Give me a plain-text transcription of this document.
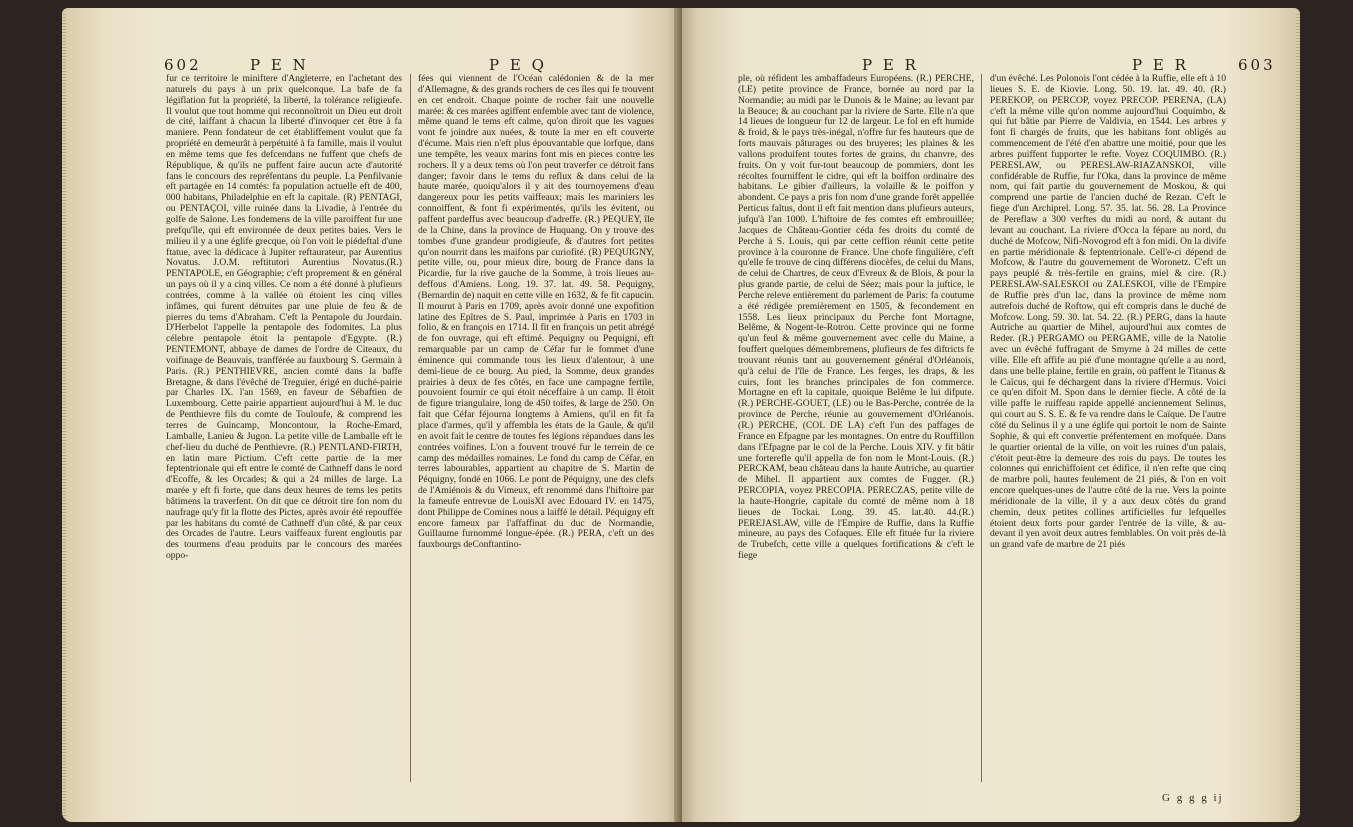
602	P E N	P E Q
fur ce territoire le miniftere d'Angleterre, en l'achetant des naturels du pays à un prix quelconque. La bafe de fa légiflation fut la propriété, la liberté, la tolérance religieufe. Il voulut que tout homme qui reconnoîtroit un Dieu eut droit de cité, laiffant à chacun la liberté d'invoquer cet être à fa maniere. Penn fondateur de cet établiffement voulut que fa propriété en demeurât à perpétuité à fa famille, mais il voulut en même tems que fes defcendans ne fuffent que chefs de République, & qu'ils ne puffent faire aucun acte d'autorité fans le concours des repréfentans du peuple. La Penfilvanie eft partagée en 14 comtés: fa population actuelle eft de 400, 000 habitans, Philadelphie en eft la capitale. (R) PENTAGI, ou PENTAÇOI, ville ruinée dans la Livadie, à l'entrée du golfe de Salone. Les fondemens de la ville paroiffent fur une prefqu'île, qui eft environnée de deux petites baies. Vers le milieu il y a une églife grecque, où l'on voit le piédeftal d'une ftatue, avec la dédicace à Jupiter reftaurateur, par Aurentius Novatus. J.O.M. reftitutori Aurentius Novatus.(R.) PENTAPOLE, en Géographie; c'eft proprement & en général un pays où il y a cinq villes. Ce nom a été donné à plufieurs contrées, comme à la vallée où étoient les cinq villes infâmes, qui furent détruites par une pluie de feu & de pierres du tems d'Abraham. C'eft la Pentapole du Jourdain. D'Herbelot l'appelle la pentapole des fodomites. La plus célebre pentapole étoit la pentapole d'Egypte. (R.) PENTEMONT, abbaye de dames de l'ordre de Citeaux, du voifinage de Beauvais, tranfférée au fauxbourg S. Germain à Paris. (R.) PENTHIEVRE, ancien comté dans la baffe Bretagne, & dans l'évêché de Treguier, érigé en duché-pairie par Charles IX. l'an 1569, en faveur de Sébaftien de Luxembourg. Cette pairie appartient aujourd'hui à M. le duc de Penthievre fils du comte de Touloufe, & comprend les terres de Guincamp, Moncontour, la Roche-Emard, Lamballe, Lanieu & Jugon. La petite ville de Lamballe eft le chef-lieu du duché de Penthievre. (R.) PENTLAND-FIRTH, en latin mare Pictium. C'eft cette partie de la mer feptentrionale qui eft entre le comté de Cathneff dans le nord d'Ecoffe, & les Orcades; & qui a 24 milles de large. La marée y eft fi forte, que dans deux heures de tems les petits bâtimens la traverfent. On dit que ce détroit tire fon nom du naufrage qu'y fit la flotte des Pictes, après avoir été repouffée par les habitans du comté de Cathneff d'un côté, & par ceux des Orcades de l'autre. Leurs vaiffeaux furent engloutis par des tourmens d'eau produits par le concours des marées oppo-
fées qui viennent de l'Océan calédonien & de la mer d'Allemagne, & des grands rochers de ces îles qui fe trouvent en cet endroit. Chaque pointe de rocher fait une nouvelle marée: & ces marées agiffent enfemble avec tant de violence, même quand le tems eft calme, qu'on diroit que les vagues vont fe joindre aux nuées, & toute la mer en eft couverte d'écume. Mais rien n'eft plus épouvantable que lorfque, dans une tempête, les veaux marins font mis en pieces contre les rochers. Il y a deux tems où l'on peut traverfer ce détroit fans danger; favoir dans le tems du reflux & dans celui de la haute marée, quoiqu'alors il y ait des tournoyemens d'eau dangereux pour les petits vaiffeaux; mais les mariniers les connoiffent, & font fi expérimentés, qu'ils les évitent, ou paffent pardeffus avec beaucoup d'adreffe. (R.) PEQUEY, île de la Chine, dans la province de Huquang. On y trouve des tombes d'une grandeur prodigieufe, & d'autres fort petites qu'on nourrit dans les maifons par curiofité. (R) PEQUIGNY, petite ville, ou, pour mieux dire, bourg de France dans la Picardie, fur la rive gauche de la Somme, à trois lieues au-deffous d'Amiens. Long. 19. 37. lat. 49. 58. Pequigny, (Bernardin de) naquit en cette ville en 1632, & fe fit capucin. Il mourut à Paris en 1709, après avoir donné une expofition latine des Epîtres de S. Paul, imprimée à Paris en 1703 in folio, & en françois en 1714. Il fit en françois un petit abrégé de fon ouvrage, qui eft eftimé. Pequigny ou Pequigni, eft remarquable par un camp de Céfar fur le fommet d'une éminence qui commande tous les lieux d'alentour, à une demi-lieue de ce bourg. Au pied, la Somme, deux grandes prairies à deux de fes côtés, en face une campagne fertile, pouvoient fournir ce qui étoit néceffaire à un camp. Il étoit de figure triangulaire, long de 450 toifes, & large de 250. On fait que Céfar féjourna longtems à Amiens, qu'il en fit fa place d'armes, qu'il y affembla les états de la Gaule, & qu'il en avoit fait le centre de toutes fes légions répandues dans les contrées voifines. L'on a fouvent trouvé fur le terrein de ce camp des médailles romaines. Le fond du camp de Céfar, en terres labourables, appartient au chapitre de S. Martin de Péquigny, fondé en 1066. Le pont de Péquigny, une des clefs de l'Amiénois & du Vimeux, eft renommé dans l'hiftoire par la fameufe entrevue de LouisXI avec Edouard IV. en 1475, dont Philippe de Comines nous a laiffé le détail. Péquigny eft encore fameux par l'affaffinat du duc de Normandie, Guillaume furnommé longue-épée. (R.) PERA, c'eft un des fauxbourgs deConftantino-
P E R	P E R	603
ple, où réfident les ambaffadeurs Européens. (R.) PERCHE, (LE) petite province de France, bornée au nord par la Normandie; au midi par le Dunois & le Maine; au levant par la Beauce; & au couchant par la riviere de Sarte. Elle n'a que 14 lieues de longueur fur 12 de largeur. Le fol en eft humide & froid, & le pays très-inégal, n'offre fur fes hauteurs que de forts mauvais pâturages ou des bruyeres; les plaines & les vallons produifent toutes fortes de grains, du chanvre, des fruits. On y voit fur-tout beaucoup de pommiers, dont les récoltes fourniffent le cidre, qui eft la boiffon ordinaire des habitans. Le gibier d'ailleurs, la volaille & le poiffon y abondent. Ce pays a pris fon nom d'une grande forêt appellée Perticus faltus, dont il eft fait mention dans plufieurs auteurs, jufqu'à l'an 1000. L'hiftoire de fes comtes eft embrouillée; Jacques de Château-Gontier céda fes droits du comté de Perche à S. Louis, qui par cette ceffion réunit cette petite province à la couronne de France. Une chofe fingulière, c'eft qu'elle fe trouve de cinq différens diocèfes, de celui du Mans, de celui de Chartres, de ceux d'Evreux & de Blois, & pour la plus grande partie, de celui de Séez; mais pour la juftice, le Perche releve entièrement du parlement de Paris: fa coutume a été rédigée premièrement en 1505, & fecondement en 1558. Les lieux principaux du Perche font Mortagne, Belême, & Nogent-le-Rotrou. Cette province qui ne forme qu'un feul & même gouvernement avec celle du Maine, a fouffert quelques démembremens, plufieurs de fes diftricts fe trouvant réunis tant au gouvernement général d'Orléanois, qu'à celui de l'île de France. Les ferges, les draps, & les cuirs, font les branches principales de fon commerce. Mortagne en eft la capitale, quoique Belême le lui difpute. (R.) PERCHE-GOUET, (LE) ou le Bas-Perche, contrée de la province de Perche, réunie au gouvernement d'Orléanois. (R.) PERCHE, (COL DE LA) c'eft l'un des paffages de France en Efpagne par les montagnes. On entre du Rouffillon dans l'Efpagne par le col de la Perche. Louis XIV. y fit bâtir une forterefle qu'il appella de fon nom le Mont-Louis. (R.) PERCKAM, beau château dans la haute Autriche, au quartier de Mihel. Il appartient aux comtes de Fugger. (R.) PERCOPIA, voyez PRECOPIA. PERECZAS, petite ville de la haute-Hongrie, capitale du comté de même nom à 18 lieues de Tockai. Long. 39. 45. lat.40. 44.(R.) PEREJASLAW, ville de l'Empire de Ruffie, dans la Ruffie mineure, au pays des Cofaques. Elle eft fituée fur la riviere de Trubefch, cette ville a quelques fortifications & c'eft le fiege
d'un évêché. Les Polonois l'ont cédée à la Ruffie, elle eft à 10 lieues S. E. de Kiovie. Long. 50. 19. lat. 49. 40. (R.) PEREKOP, ou PERCOP, voyez PRECOP. PERENA, (LA) c'eft la même ville qu'on nomme aujourd'hui Coquimbo, & qui fut bâtie par Pierre de Valdivia, en 1544. Les arbres y font fi chargés de fruits, que les habitans font obligés au commencement de l'été d'en abattre une moitié, pour que les arbres puiffent fupporter le refte. Voyez COQUIMBO. (R.) PERESLAW, ou PERESLAW-RIAZANSKOI, ville confidérable de Ruffie, fur l'Oka, dans la province de même nom, qui fait partie du gouvernement de Moskou, & qui comprend une partie de l'ancien duché de Rezan. C'eft le fiege d'un Archiprel. Long. 57. 35. lat. 56. 28. La Province de Pereflaw a 300 verftes du midi au nord, & autant du levant au couchant. La riviere d'Occa la fépare au nord, du duché de Mofcow, Nifi-Novogrod eft à fon midi. On la divife en partie méridionale & feptentrionale. Cell'e-ci dépend de Mofcow, & l'autre du gouvernement de Woronetz. C'eft un pays peuplé & très-fertile en grains, miel & cire. (R.) PERESLAW-SALESKOI ou ZALESKOI, ville de l'Empire de Ruffie près d'un lac, dans la province de même nom autrefois duché de Roftow, qui eft compris dans le duché de Mofcow. Long. 59. 30. lat. 54. 22. (R.) PERG, dans la haute Autriche au quartier de Mihel, aujourd'hui aux comtes de Reder. (R.) PERGAMO ou PERGAME, ville de la Natolie avec un évêché fuffragant de Smyrne à 24 milles de cette ville. Elle eft affife au pié d'une montagne qu'elle a au nord, dans une belle plaine, fertile en grain, où paffent le Titanus & le Caïcus, qui fe déchargent dans la riviere d'Hermus. Voici ce qu'en difoit M. Spon dans le dernier fiecle. A côté de la ville paffe le ruiffeau rapide appellé anciennement Selinus, qui court au S. S. E. & fe va rendre dans le Caïque. De l'autre côté du Selinus il y a une églife qui portoit le nom de Sainte Sophie, & qui eft convertie préfentement en mofquée. Dans le quartier oriental de la ville, on voit les ruines d'un palais, c'étoit peut-être la demeure des rois du pays. De toutes les colonnes qui enrichiffoient cet édifice, il n'en refte que cinq de marbre poli, hautes feulement de 21 piés, & l'on en voit encore quelques-unes de l'autre côté de la rue. Vers la pointe méridionale de la ville, il y a aux deux côtés du grand chemin, deux petites collines artificielles fur lefquelles étoient deux forts pour garder l'entrée de la ville, & au-devant il yen avoit deux autres femblables. On voit près de-là un grand vafe de marbre de 21 piés
G g g g ij
